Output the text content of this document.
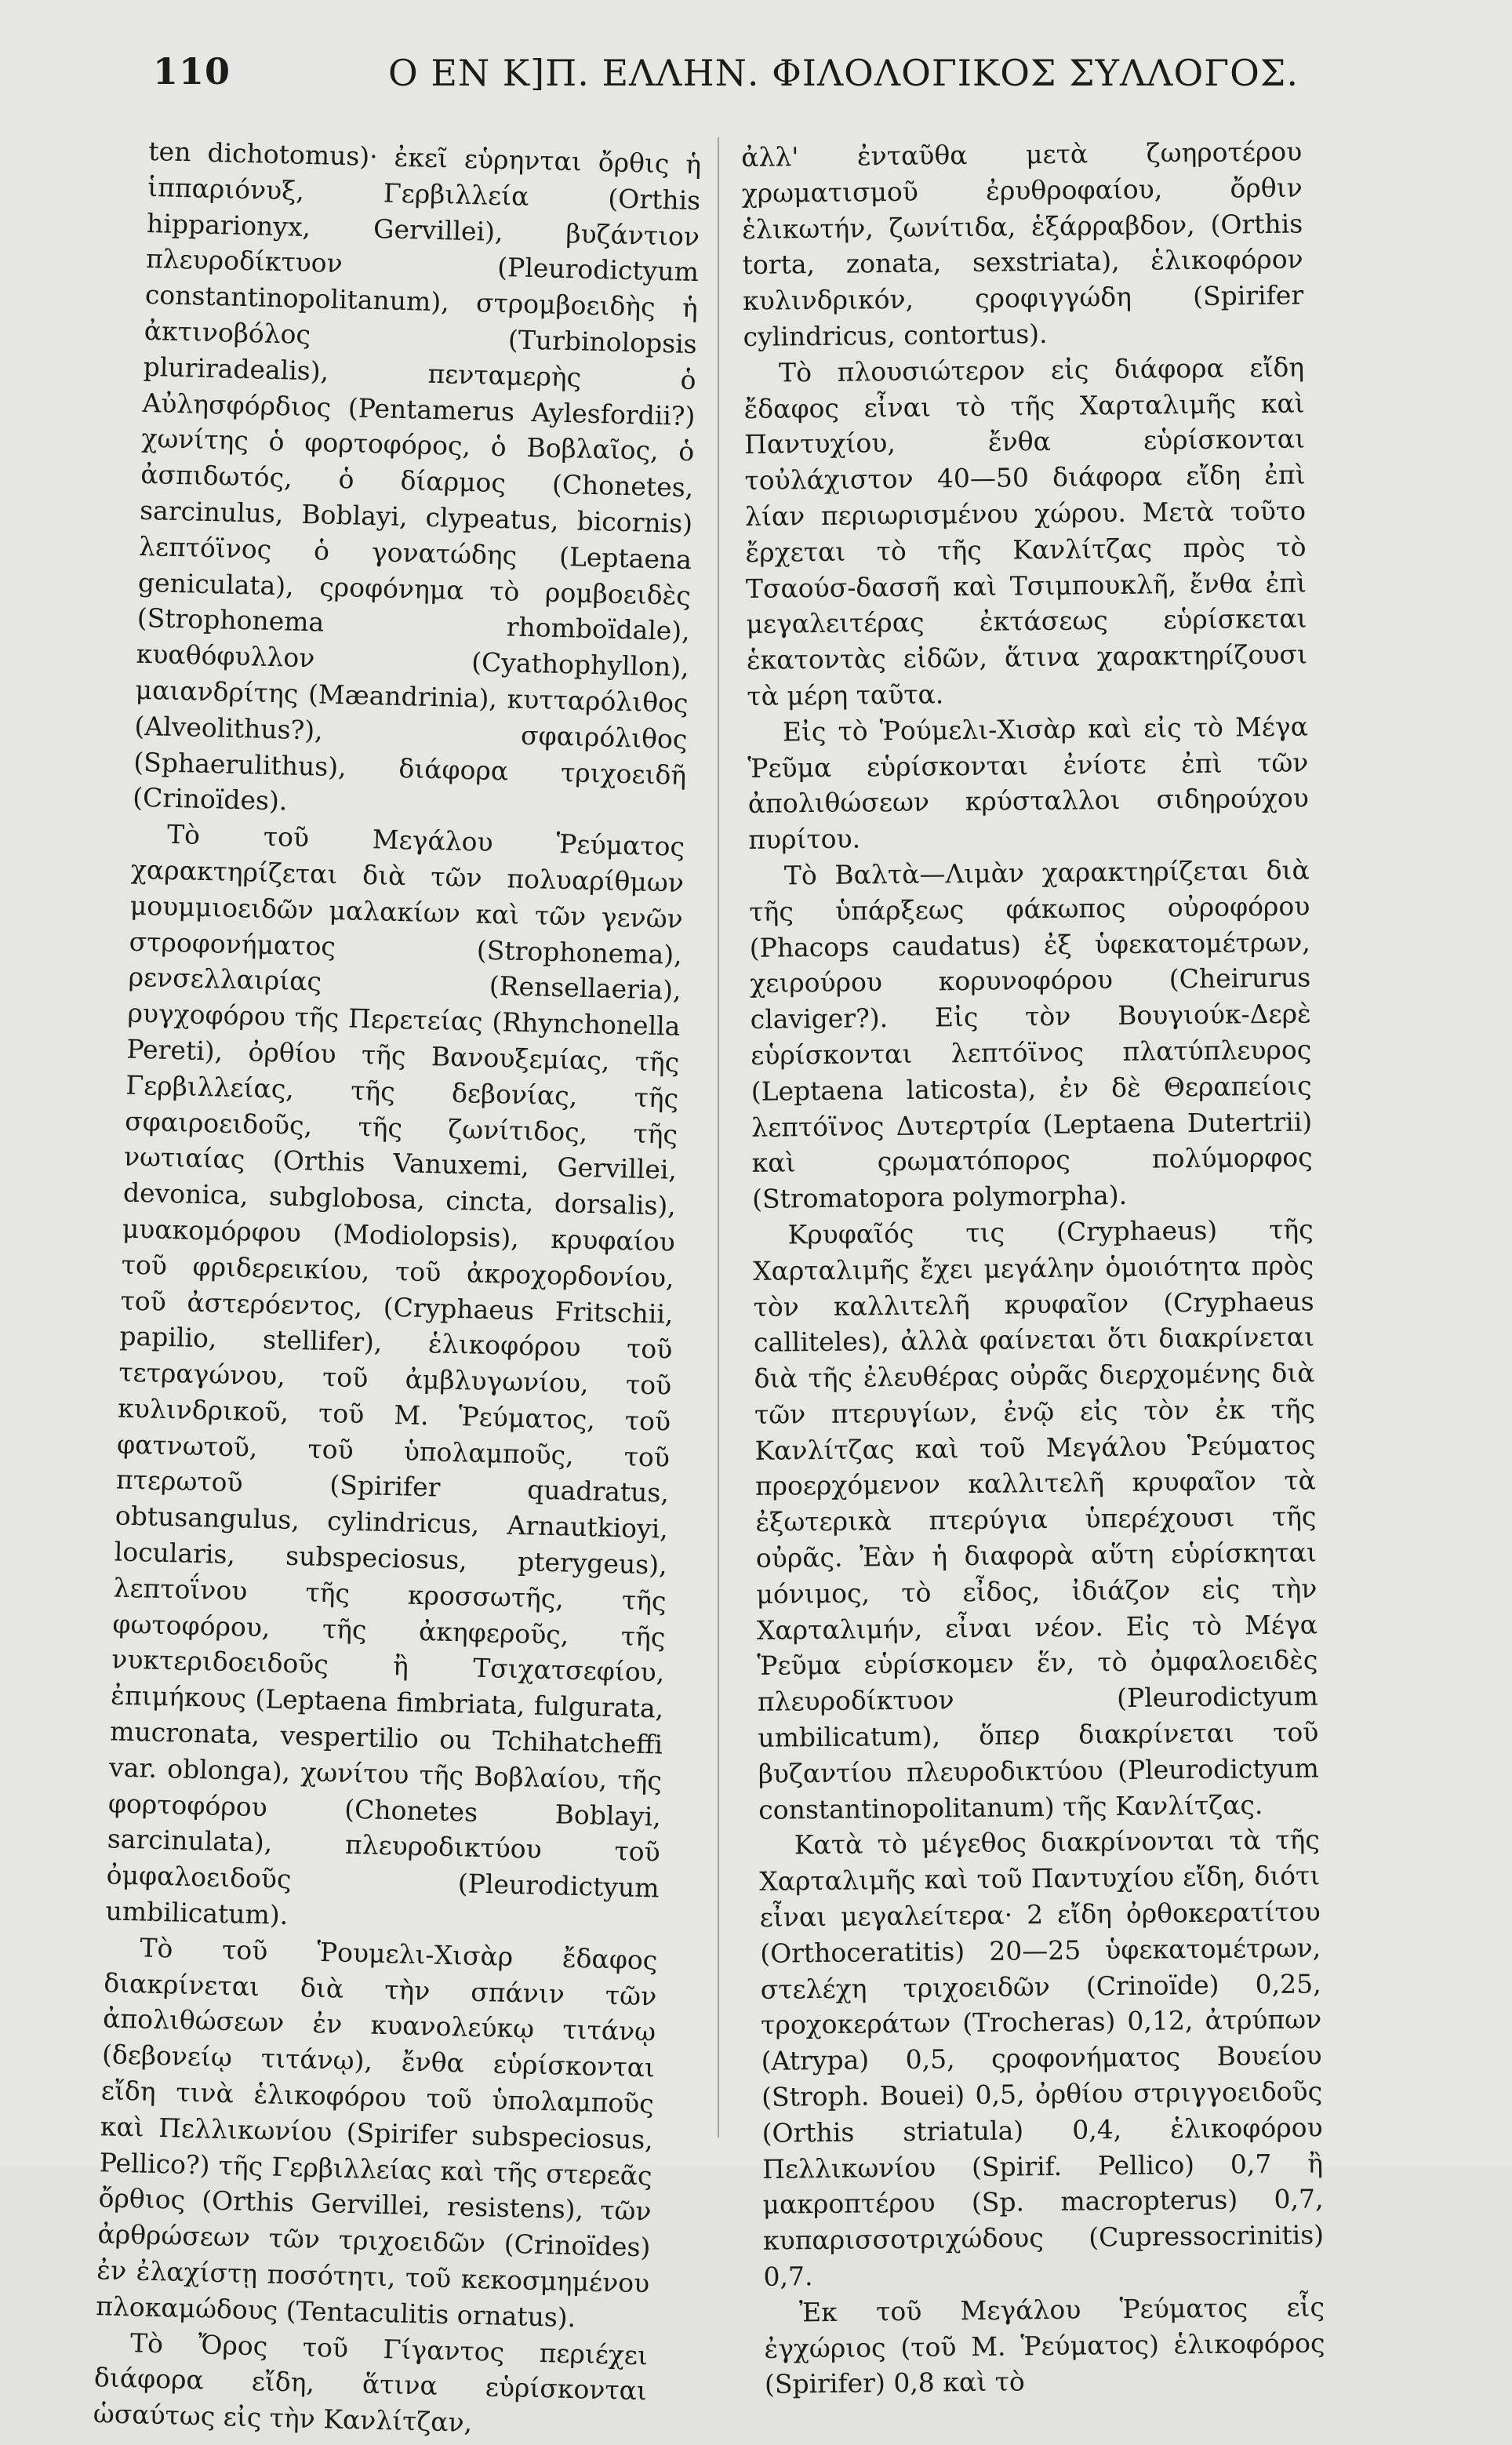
110	Ο ΕΝ Κ]Π. ΕΛΛΗΝ. ΦΙΛΟΛΟΓΙΚΟΣ ΣΥΛΛΟΓΟΣ.

ten dichotomus)· ἐκεῖ εὑρηνται ὄρθις ἡ ἱππαριόνυξ, Γερβιλλεία (Orthis hipparionyx, Gervillei), βυζάντιον πλευροδίκτυον (Pleurodictyum constantinopolitanum), στρομβοειδὴς ἡ ἀκτινοβόλος (Turbinolopsis pluriradealis), πενταμερὴς ὁ Αὐλησφόρδιος (Pentamerus Aylesfordii?) χωνίτης ὁ φορτοφόρος, ὁ Βοβλαῖος, ὁ ἀσπιδωτός, ὁ δίαρμος (Chonetes, sarcinulus, Boblayi, clypeatus, bicornis) λεπτόϊνος ὁ γονατώδης (Leptaena geniculata), ςροφόνημα τὸ ρομβοειδὲς (Strophonema rhomboïdale), κυαθόφυλλον (Cyathophyllon), μαιανδρίτης (Mæandrinia), κυτταρόλιθος (Alveolithus?), σφαιρόλιθος (Sphaerulithus), διάφορα τριχοειδῆ (Crinoïdes).

Τὸ τοῦ Μεγάλου Ῥεύματος χαρακτηρίζεται διὰ τῶν πολυαρίθμων μουμμιοειδῶν μαλακίων καὶ τῶν γενῶν στροφονήματος (Strophonema), ρενσελλαιρίας (Rensellaeria), ρυγχοφόρου τῆς Περετείας (Rhynchonella Pereti), ὀρθίου τῆς Βανουξεμίας, τῆς Γερβιλλείας, τῆς δεβονίας, τῆς σφαιροειδοῦς, τῆς ζωνίτιδος, τῆς νωτιαίας (Orthis Vanuxemi, Gervillei, devonica, subglobosa, cincta, dorsalis), μυακομόρφου (Modiolopsis), κρυφαίου τοῦ φριδερεικίου, τοῦ ἀκροχορδονίου, τοῦ ἀστερόεντος, (Cryphaeus Fritschii, papilio, stellifer), ἑλικοφόρου τοῦ τετραγώνου, τοῦ ἀμβλυγωνίου, τοῦ κυλινδρικοῦ, τοῦ Μ. Ῥεύματος, τοῦ φατνωτοῦ, τοῦ ὑπολαμποῦς, τοῦ πτερωτοῦ (Spirifer quadratus, obtusangulus, cylindricus, Arnautkioyi, locularis, subspeciosus, pterygeus), λεπτοΐνου τῆς κροσσωτῆς, τῆς φωτοφόρου, τῆς ἀκηφεροῦς, τῆς νυκτεριδοειδοῦς ἢ Τσιχατσεφίου, ἐπιμήκους (Leptaena fimbriata, fulgurata, mucronata, vespertilio ou Tchihatcheffi var. oblonga), χωνίτου τῆς Βοβλαίου, τῆς φορτοφόρου (Chonetes Boblayi, sarcinulata), πλευροδικτύου τοῦ ὀμφαλοειδοῦς (Pleurodictyum umbilicatum).

Τὸ τοῦ Ῥουμελι-Χισὰρ ἔδαφος διακρίνεται διὰ τὴν σπάνιν τῶν ἀπολιθώσεων ἐν κυανολεύκῳ τιτάνῳ (δεβονείῳ τιτάνῳ), ἔνθα εὑρίσκονται εἴδη τινὰ ἑλικοφόρου τοῦ ὑπολαμποῦς καὶ Πελλικωνίου (Spirifer subspeciosus, Pellico?) τῆς Γερβιλλείας καὶ τῆς στερεᾶς ὄρθιος (Orthis Gervillei, resistens), τῶν ἀρθρώσεων τῶν τριχοειδῶν (Crinoïdes) ἐν ἐλαχίστῃ ποσότητι, τοῦ κεκοσμημένου πλοκαμώδους (Tentaculitis ornatus).

Τὸ Ὄρος τοῦ Γίγαντος περιέχει διάφορα εἴδη, ἅτινα εὑρίσκονται ὡσαύτως εἰς τὴν Κανλίτζαν,

ἀλλ' ἐνταῦθα μετὰ ζωηροτέρου χρωματισμοῦ ἐρυθροφαίου, ὄρθιν ἑλικωτήν, ζωνίτιδα, ἑξάρραβδον, (Orthis torta, zonata, sexstriata), ἑλικοφόρον κυλινδρικόν, ςροφιγγώδη (Spirifer cylindricus, contortus).

Τὸ πλουσιώτερον εἰς διάφορα εἴδη ἔδαφος εἶναι τὸ τῆς Χαρταλιμῆς καὶ Παντυχίου, ἔνθα εὑρίσκονται τοὐλάχιστον 40—50 διάφορα εἴδη ἐπὶ λίαν περιωρισμένου χώρου. Μετὰ τοῦτο ἔρχεται τὸ τῆς Κανλίτζας πρὸς τὸ Τσαούσ-δασσῆ καὶ Τσιμπουκλῆ, ἔνθα ἐπὶ μεγαλειτέρας ἐκτάσεως εὑρίσκεται ἑκατοντὰς εἰδῶν, ἅτινα χαρακτηρίζουσι τὰ μέρη ταῦτα.

Εἰς τὸ Ῥούμελι-Χισὰρ καὶ εἰς τὸ Μέγα Ῥεῦμα εὑρίσκονται ἐνίοτε ἐπὶ τῶν ἀπολιθώσεων κρύσταλλοι σιδηρούχου πυρίτου.

Τὸ Βαλτὰ—Λιμὰν χαρακτηρίζεται διὰ τῆς ὑπάρξεως φάκωπος οὐροφόρου (Phacops caudatus) ἐξ ὑφεκατομέτρων, χειρούρου κορυνοφόρου (Cheirurus claviger?). Εἰς τὸν Βουγιούκ-Δερὲ εὑρίσκονται λεπτόϊνος πλατύπλευρος (Leptaena laticosta), ἐν δὲ Θεραπείοις λεπτόϊνος Δυτερτρία (Leptaena Dutertrii) καὶ ςρωματόπορος πολύμορφος (Stromatopora polymorpha).

Κρυφαῖός τις (Cryphaeus) τῆς Χαρταλιμῆς ἔχει μεγάλην ὁμοιότητα πρὸς τὸν καλλιτελῆ κρυφαῖον (Cryphaeus calliteles), ἀλλὰ φαίνεται ὅτι διακρίνεται διὰ τῆς ἐλευθέρας οὐρᾶς διερχομένης διὰ τῶν πτερυγίων, ἐνῷ εἰς τὸν ἐκ τῆς Κανλίτζας καὶ τοῦ Μεγάλου Ῥεύματος προερχόμενον καλλιτελῆ κρυφαῖον τὰ ἐξωτερικὰ πτερύγια ὑπερέχουσι τῆς οὐρᾶς. Ἐὰν ἡ διαφορὰ αὕτη εὑρίσκηται μόνιμος, τὸ εἶδος, ἰδιάζον εἰς τὴν Χαρταλιμήν, εἶναι νέον. Εἰς τὸ Μέγα Ῥεῦμα εὑρίσκομεν ἕν, τὸ ὀμφαλοειδὲς πλευροδίκτυον (Pleurodictyum umbilicatum), ὅπερ διακρίνεται τοῦ βυζαντίου πλευροδικτύου (Pleurodictyum constantinopolitanum) τῆς Κανλίτζας.

Κατὰ τὸ μέγεθος διακρίνονται τὰ τῆς Χαρταλιμῆς καὶ τοῦ Παντυχίου εἴδη, διότι εἶναι μεγαλείτερα· 2 εἴδη ὀρθοκερατίτου (Orthoceratitis) 20—25 ὑφεκατομέτρων, στελέχη τριχοειδῶν (Crinoïde) 0,25, τροχοκεράτων (Trocheras) 0,12, ἀτρύπων (Atrypa) 0,5, ςροφονήματος Βουείου (Stroph. Bouei) 0,5, ὀρθίου στριγγοειδοῦς (Orthis striatula) 0,4, ἑλικοφόρου Πελλικωνίου (Spirif. Pellico) 0,7 ἢ μακροπτέρου (Sp. macropterus) 0,7, κυπαρισσοτριχώδους (Cupressocrinitis) 0,7.

Ἐκ τοῦ Μεγάλου Ῥεύματος εἷς ἐγχώριος (τοῦ Μ. Ῥεύματος) ἑλικοφόρος (Spirifer) 0,8 καὶ τὸ
